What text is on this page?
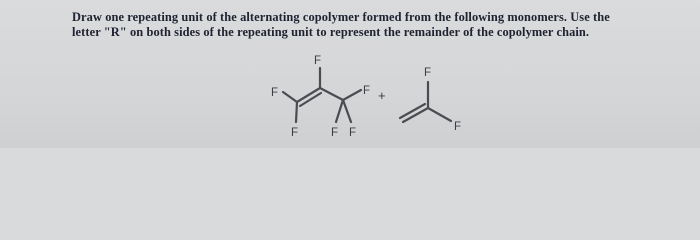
Draw one repeating unit of the alternating copolymer formed from the following monomers. Use the
letter "R" on both sides of the repeating unit to represent the remainder of the copolymer chain.

F
F	F
F	F F
+
F
F
